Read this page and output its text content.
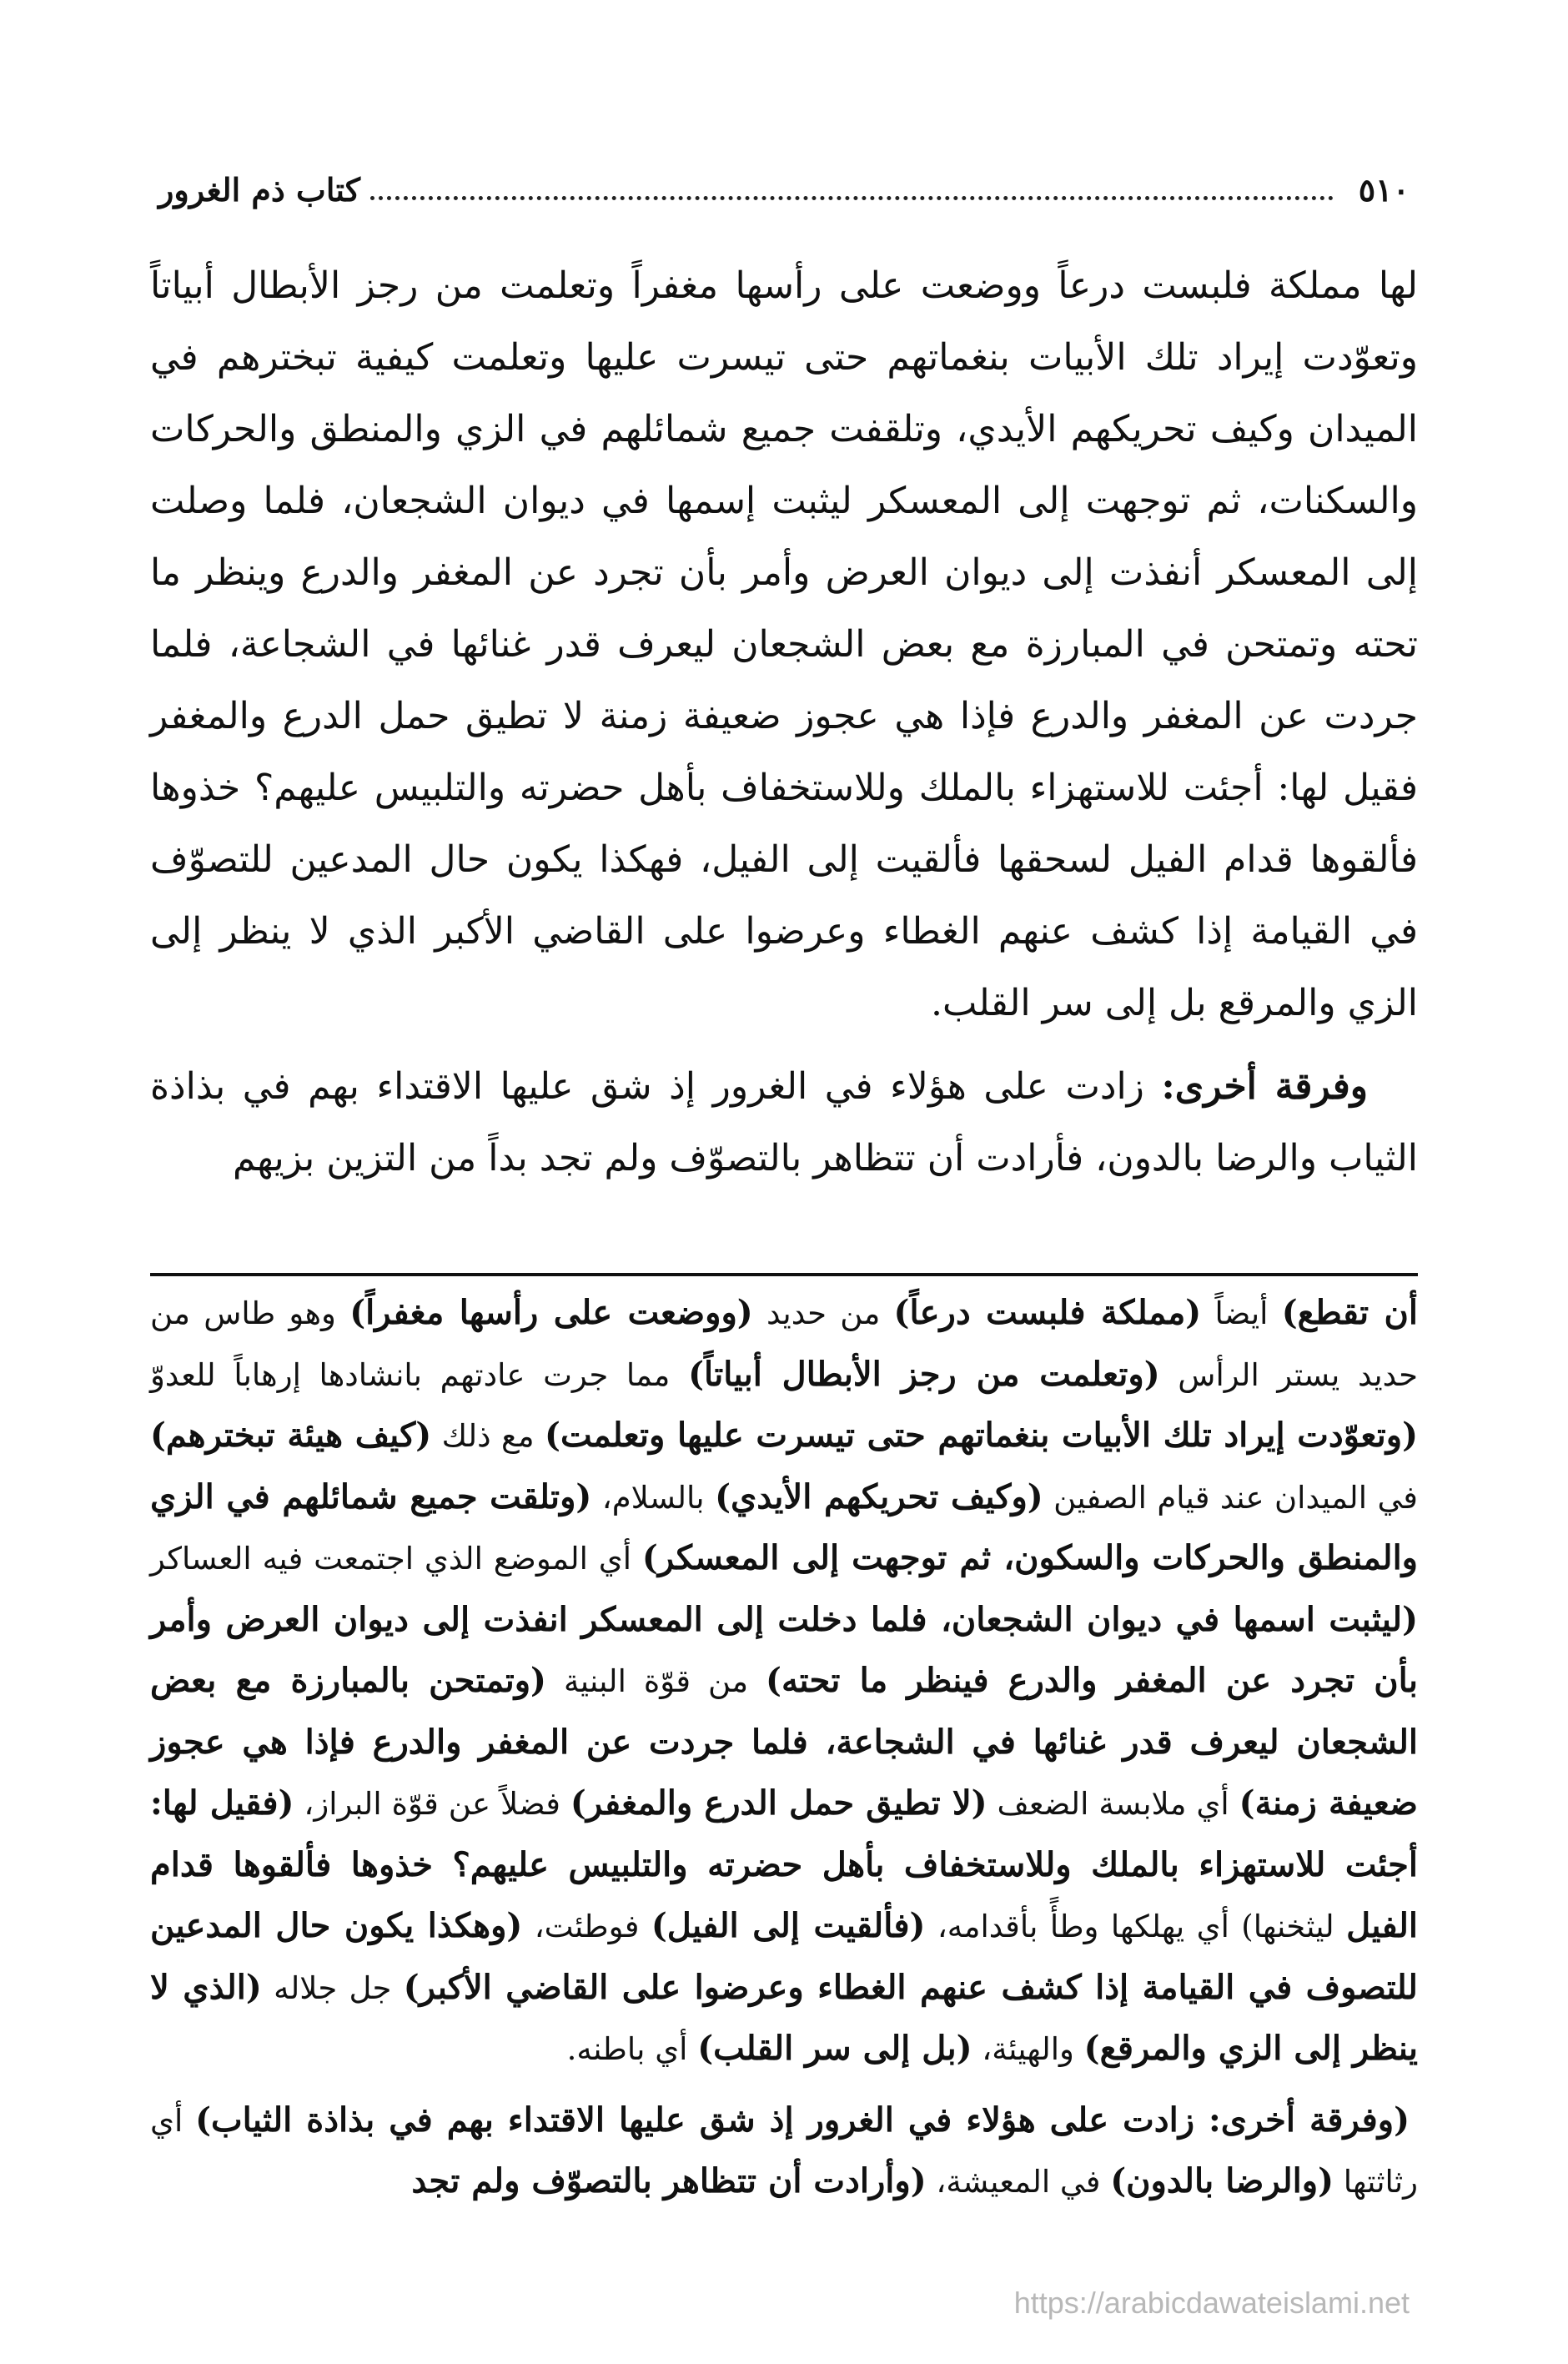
٥١٠
كتاب ذم الغرور

لها مملكة فلبست درعاً ووضعت على رأسها مغفراً وتعلمت من رجز الأبطال أبياتاً وتعوّدت إيراد تلك الأبيات بنغماتهم حتى تيسرت عليها وتعلمت كيفية تبخترهم في الميدان وكيف تحريكهم الأيدي، وتلقفت جميع شمائلهم في الزي والمنطق والحركات والسكنات، ثم توجهت إلى المعسكر ليثبت إسمها في ديوان الشجعان، فلما وصلت إلى المعسكر أنفذت إلى ديوان العرض وأمر بأن تجرد عن المغفر والدرع وينظر ما تحته وتمتحن في المبارزة مع بعض الشجعان ليعرف قدر غنائها في الشجاعة، فلما جردت عن المغفر والدرع فإذا هي عجوز ضعيفة زمنة لا تطيق حمل الدرع والمغفر فقيل لها: أجئت للاستهزاء بالملك وللاستخفاف بأهل حضرته والتلبيس عليهم؟ خذوها فألقوها قدام الفيل لسحقها فألقيت إلى الفيل، فهكذا يكون حال المدعين للتصوّف في القيامة إذا كشف عنهم الغطاء وعرضوا على القاضي الأكبر الذي لا ينظر إلى الزي والمرقع بل إلى سر القلب.

وفرقة أخرى: زادت على هؤلاء في الغرور إذ شق عليها الاقتداء بهم في بذاذة الثياب والرضا بالدون، فأرادت أن تتظاهر بالتصوّف ولم تجد بداً من التزين بزيهم

أن تقطع) أيضاً (مملكة فلبست درعاً) من حديد (ووضعت على رأسها مغفراً) وهو طاس من حديد يستر الرأس (وتعلمت من رجز الأبطال أبياتاً) مما جرت عادتهم بانشادها إرهاباً للعدوّ (وتعوّدت إيراد تلك الأبيات بنغماتهم حتى تيسرت عليها وتعلمت) مع ذلك (كيف هيئة تبخترهم) في الميدان عند قيام الصفين (وكيف تحريكهم الأيدي) بالسلام، (وتلقت جميع شمائلهم في الزي والمنطق والحركات والسكون، ثم توجهت إلى المعسكر) أي الموضع الذي اجتمعت فيه العساكر (ليثبت اسمها في ديوان الشجعان، فلما دخلت إلى المعسكر انفذت إلى ديوان العرض وأمر بأن تجرد عن المغفر والدرع فينظر ما تحته) من قوّة البنية (وتمتحن بالمبارزة مع بعض الشجعان ليعرف قدر غنائها في الشجاعة، فلما جردت عن المغفر والدرع فإذا هي عجوز ضعيفة زمنة) أي ملابسة الضعف (لا تطيق حمل الدرع والمغفر) فضلاً عن قوّة البراز، (فقيل لها: أجئت للاستهزاء بالملك وللاستخفاف بأهل حضرته والتلبيس عليهم؟ خذوها فألقوها قدام الفيل ليثخنها) أي يهلكها وطأً بأقدامه، (فألقيت إلى الفيل) فوطئت، (وهكذا يكون حال المدعين للتصوف في القيامة إذا كشف عنهم الغطاء وعرضوا على القاضي الأكبر) جل جلاله (الذي لا ينظر إلى الزي والمرقع) والهيئة، (بل إلى سر القلب) أي باطنه.

(وفرقة أخرى: زادت على هؤلاء في الغرور إذ شق عليها الاقتداء بهم في بذاذة الثياب) أي رثاثتها (والرضا بالدون) في المعيشة، (وأرادت أن تتظاهر بالتصوّف ولم تجد

https://arabicdawateislami.net
